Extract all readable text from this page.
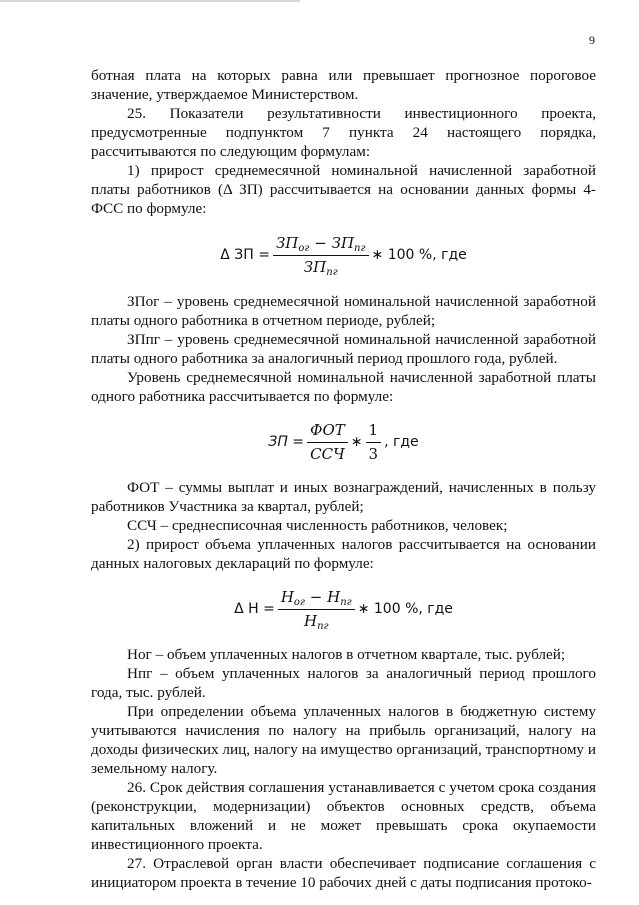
9

ботная плата на которых равна или превышает прогнозное пороговое значение, утверждаемое Министерством.

25. Показатели результативности инвестиционного проекта, предусмотренные подпунктом 7 пункта 24 настоящего порядка, рассчитываются по следующим формулам:

1) прирост среднемесячной номинальной начисленной заработной платы работников (Δ ЗП) рассчитывается на основании данных формы 4-ФСС по формуле:

Δ ЗП = $\frac{ЗП_{ог} - ЗП_{пг}}{ЗП_{пг}}$ ∗ 100 %, где

ЗПог – уровень среднемесячной номинальной начисленной заработной платы одного работника в отчетном периоде, рублей;

ЗПпг – уровень среднемесячной номинальной начисленной заработной платы одного работника за аналогичный период прошлого года, рублей.

Уровень среднемесячной номинальной начисленной заработной платы одного работника рассчитывается по формуле:

ЗП = $\frac{\text{ФОТ}}{\text{ССЧ}}$ ∗ $\frac{1}{3}$ , где

ФОТ – суммы выплат и иных вознаграждений, начисленных в пользу работников Участника за квартал, рублей;

ССЧ – среднесписочная численность работников, человек;

2) прирост объема уплаченных налогов рассчитывается на основании данных налоговых деклараций по формуле:

Δ $Н = \frac{Н_{ог} - Н_{пг}}{Н_{пг}}$ ∗ 100 %, где

Ног – объем уплаченных налогов в отчетном квартале, тыс. рублей;

Нпг – объем уплаченных налогов за аналогичный период прошлого года, тыс. рублей.

При определении объема уплаченных налогов в бюджетную систему учитываются начисления по налогу на прибыль организаций, налогу на доходы физических лиц, налогу на имущество организаций, транспортному и земельному налогу.

26. Срок действия соглашения устанавливается с учетом срока создания (реконструкции, модернизации) объектов основных средств, объема капитальных вложений и не может превышать срока окупаемости инвестиционного проекта.

27. Отраслевой орган власти обеспечивает подписание соглашения с инициатором проекта в течение 10 рабочих дней с даты подписания протоко-
